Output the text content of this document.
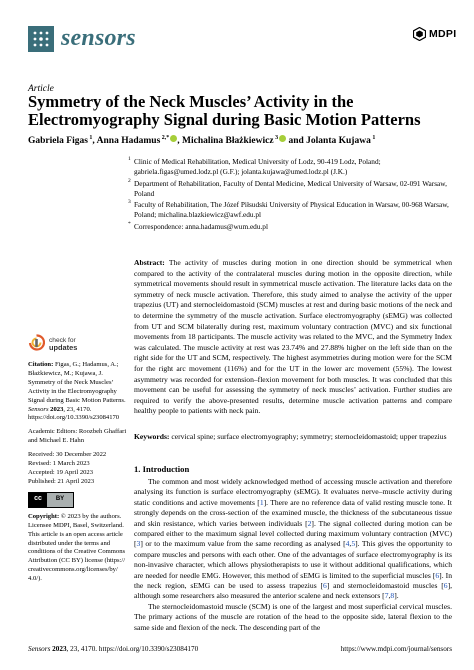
sensors	MDPI
Article
Symmetry of the Neck Muscles’ Activity in the Electromyography Signal during Basic Motion Patterns
Gabriela Figas $^1$, Anna Hadamus $^{2,*}$ , Michalina Błażkiewicz $^3$ and Jolanta Kujawa $^1$
1 Clinic of Medical Rehabilitation, Medical University of Lodz, 90-419 Lodz, Poland; gabriela.figas@umed.lodz.pl (G.F.); jolanta.kujawa@umed.lodz.pl (J.K.)
2 Department of Rehabilitation, Faculty of Dental Medicine, Medical University of Warsaw, 02-091 Warsaw, Poland
3 Faculty of Rehabilitation, The Józef Piłsudski University of Physical Education in Warsaw, 00-968 Warsaw, Poland; michalina.blazkiewicz@awf.edu.pl
* Correspondence: anna.hadamus@wum.edu.pl
Abstract: The activity of muscles during motion in one direction should be symmetrical when compared to the activity of the contralateral muscles during motion in the opposite direction, while symmetrical movements should result in symmetrical muscle activation. The literature lacks data on the symmetry of neck muscle activation. Therefore, this study aimed to analyse the activity of the upper trapezius (UT) and sternocleidomastoid (SCM) muscles at rest and during basic motions of the neck and to determine the symmetry of the muscle activation. Surface electromyography (sEMG) was collected from UT and SCM bilaterally during rest, maximum voluntary contraction (MVC) and six functional movements from 18 participants. The muscle activity was related to the MVC, and the Symmetry Index was calculated. The muscle activity at rest was 23.74% and 27.88% higher on the left side than on the right side for the UT and SCM, respectively. The highest asymmetries during motion were for the SCM for the right arc movement (116%) and for the UT in the lower arc movement (55%). The lowest asymmetry was recorded for extension–flexion movement for both muscles. It was concluded that this movement can be useful for assessing the symmetry of neck muscles’ activation. Further studies are required to verify the above-presented results, determine muscle activation patterns and compare healthy people to patients with neck pain.
Keywords: cervical spine; surface electromyography; symmetry; sternocleidomastoid; upper trapezius
1. Introduction

The common and most widely acknowledged method of accessing muscle activation and therefore analysing its function is surface electromyography (sEMG). It evaluates nerve–muscle activity during static conditions and active movements [1]. There are no reference data of valid resting muscle tone. It strongly depends on the cross-section of the examined muscle, the thickness of the subcutaneous tissue and skin resistance, which varies between individuals [2]. The signal collected during motion can be compared either to the maximum signal level collected during maximum voluntary contraction (MVC) [3] or to the maximum value from the same recording as analysed [4,5]. This gives the opportunity to compare muscles and persons with each other. One of the advantages of surface electromyography is its non-invasive character, which allows physiotherapists to use it without additional qualifications, which are needed for needle EMG. However, this method of sEMG is limited to the superficial muscles [6]. In the neck region, sEMG can be used to assess trapezius [6] and sternocleidomastoid muscles [6], although some researchers also measured the anterior scalene and neck extensors [7,8].

The sternocleidomastoid muscle (SCM) is one of the largest and most superficial cervical muscles. The primary actions of the muscle are rotation of the head to the opposite side, lateral flexion to the same side and flexion of the neck. The descending part of the

check for
updates

Citation: Figas, G.; Hadamus, A.; Błażkiewicz, M.; Kujawa, J. Symmetry of the Neck Muscles’ Activity in the Electromyography Signal during Basic Motion Patterns. Sensors 2023, 23, 4170. https://doi.org/10.3390/s23084170

Academic Editors: Roozbeh Ghaffari and Michael E. Hahn

Received: 30 December 2022
Revised: 1 March 2023
Accepted: 19 April 2023
Published: 21 April 2023

cc	BY

Copyright: © 2023 by the authors. Licensee MDPI, Basel, Switzerland. This article is an open access article distributed under the terms and conditions of the Creative Commons Attribution (CC BY) license (https:// creativecommons.org/licenses/by/ 4.0/).

Sensors 2023, 23, 4170. https://doi.org/10.3390/s23084170	https://www.mdpi.com/journal/sensors
